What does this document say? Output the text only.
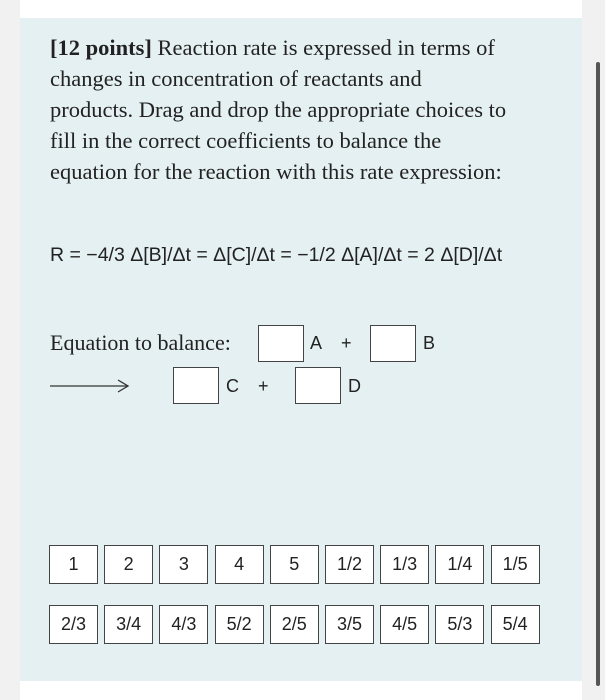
[12 points] Reaction rate is expressed in terms of
changes in concentration of reactants and
products. Drag and drop the appropriate choices to
fill in the correct coefficients to balance the
equation for the reaction with this rate expression:
R = −4/3 Δ[B]/Δt = Δ[C]/Δt = −1/2 Δ[A]/Δt = 2 Δ[D]/Δt
Equation to balance:	A +	B
C +	D
1	2	3	4	5	1/2	1/3	1/4	1/5
2/3	3/4	4/3	5/2	2/5	3/5	4/5	5/3	5/4
